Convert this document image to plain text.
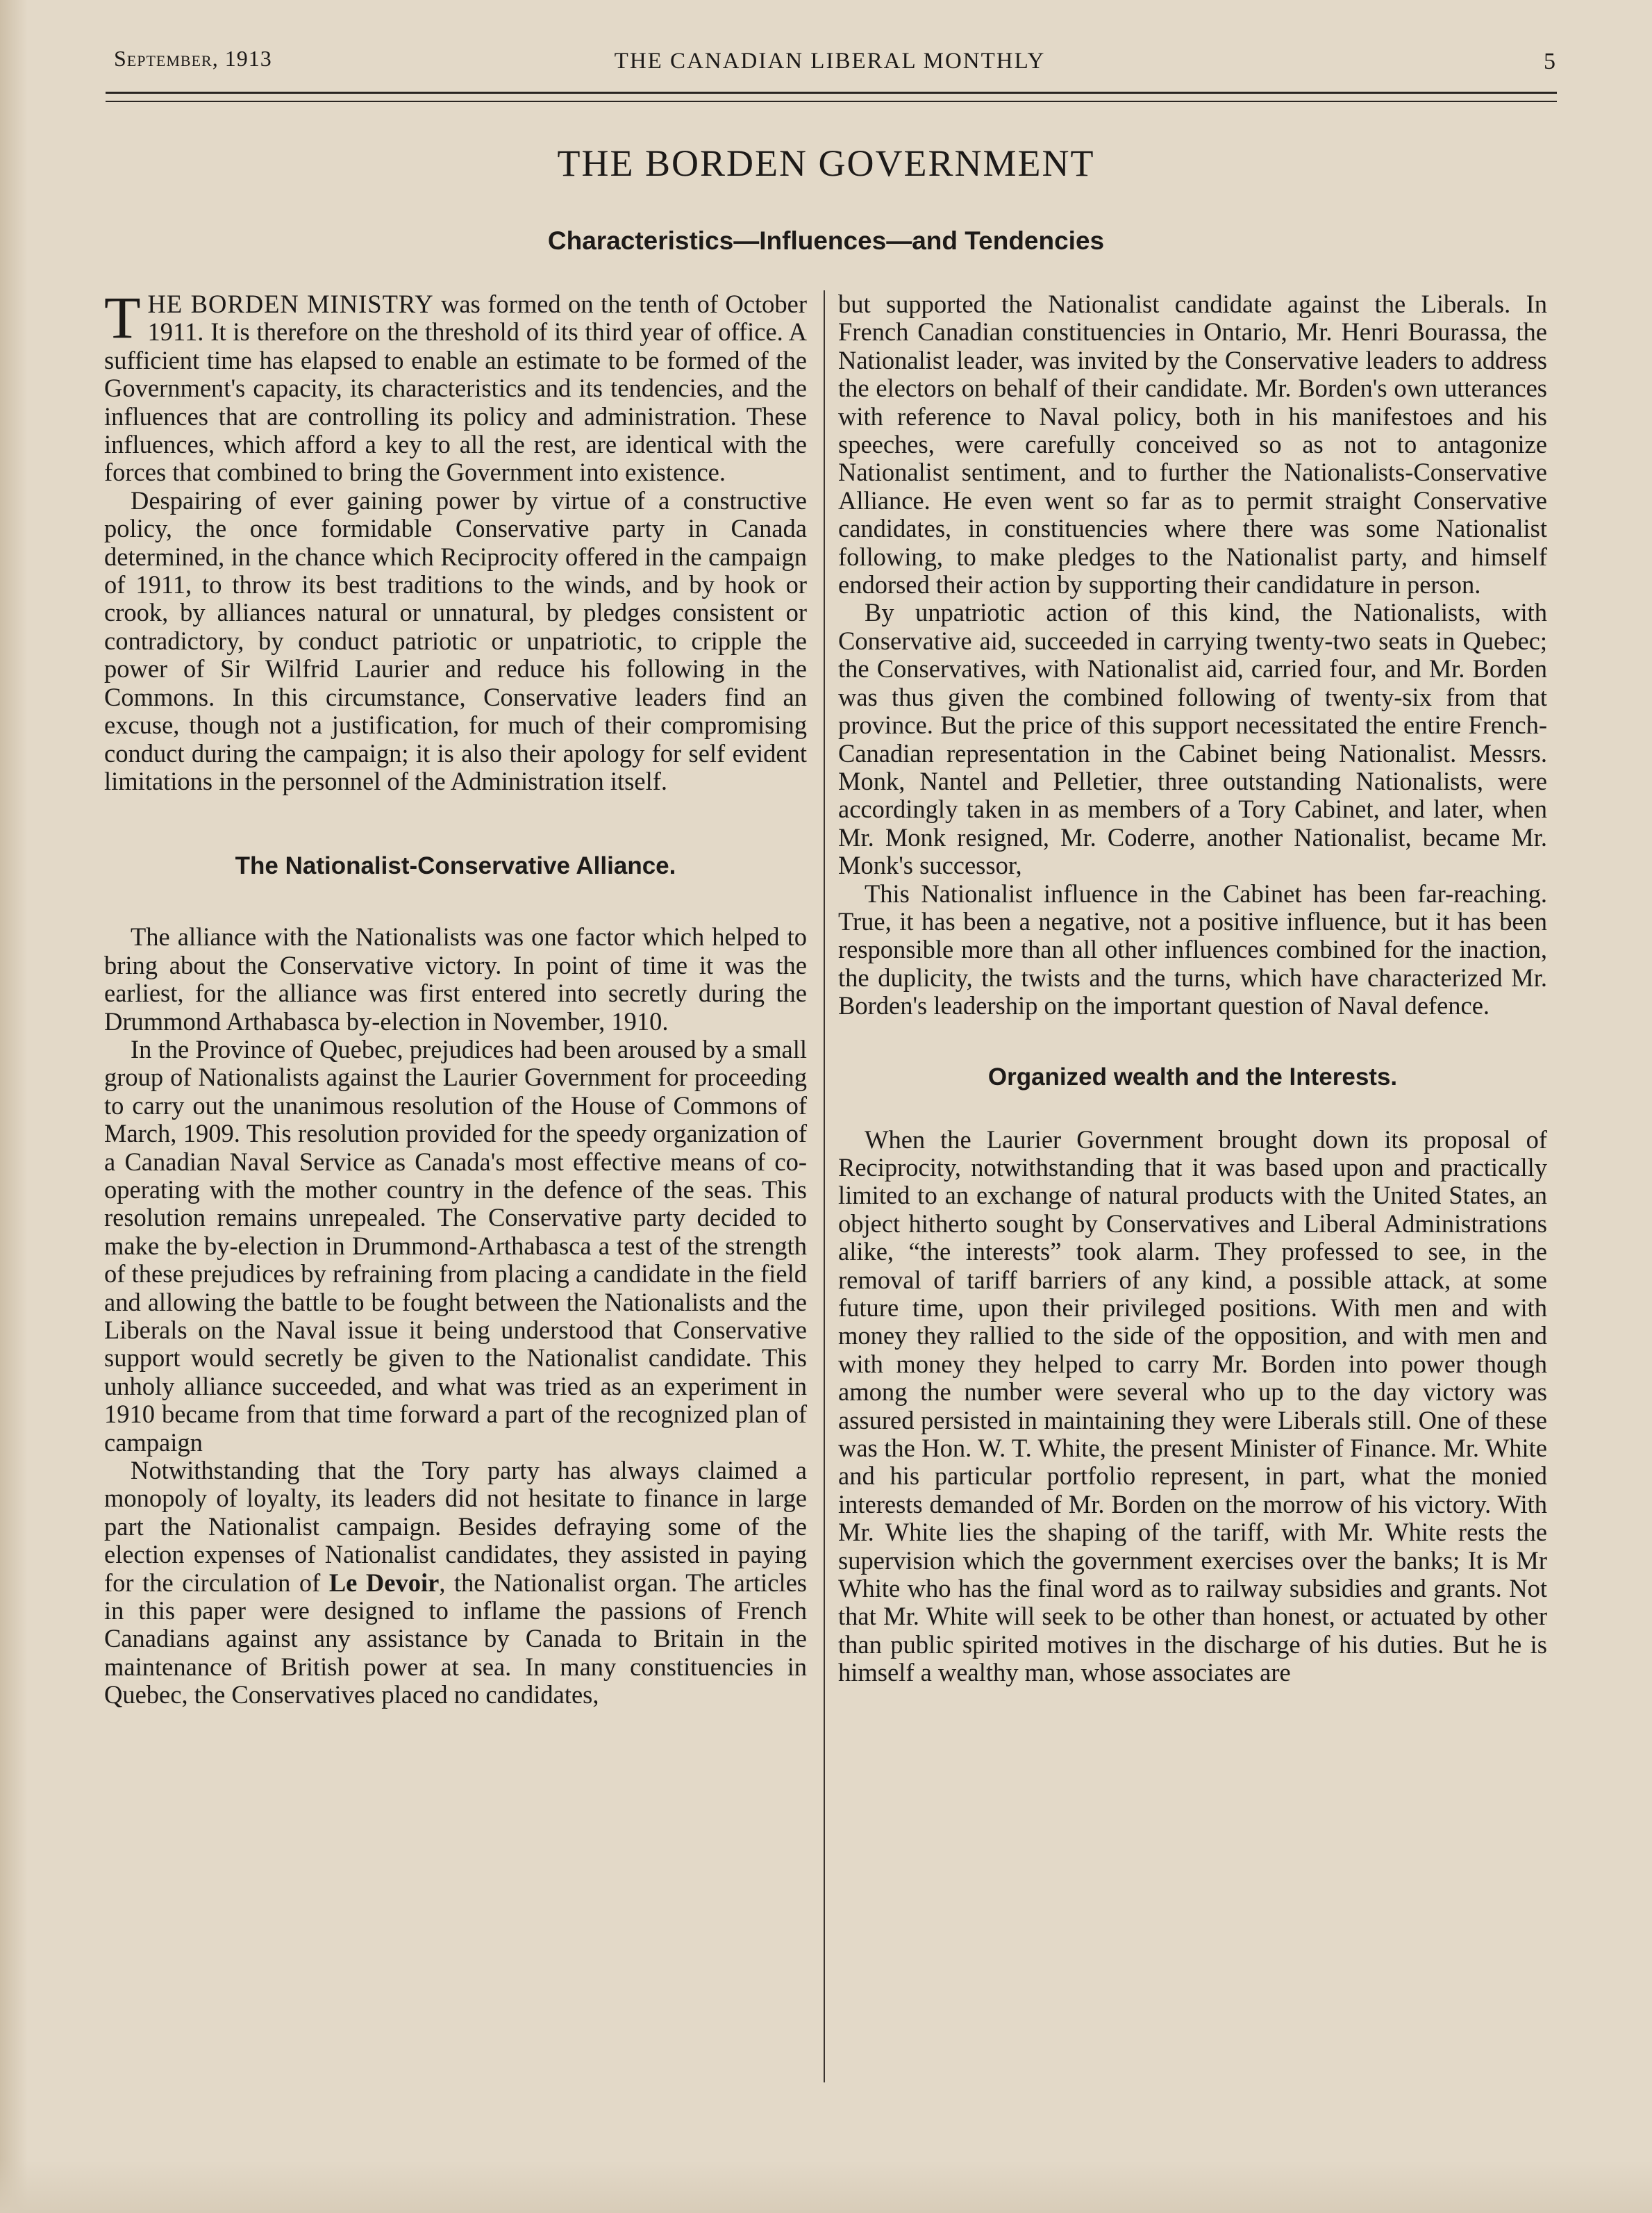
September, 1913	THE CANADIAN LIBERAL MONTHLY	5
THE BORDEN GOVERNMENT
Characteristics—Influences—and Tendencies

THE BORDEN MINISTRY was formed on the tenth of October 1911. It is therefore on the threshold of its third year of office. A sufficient time has elapsed to enable an estimate to be formed of the Government's capacity, its characteristics and its tendencies, and the influences that are controlling its policy and administration. These influences, which afford a key to all the rest, are identical with the forces that combined to bring the Government into existence.

Despairing of ever gaining power by virtue of a constructive policy, the once formidable Conservative party in Canada determined, in the chance which Reciprocity offered in the campaign of 1911, to throw its best traditions to the winds, and by hook or crook, by alliances natural or unnatural, by pledges consistent or contradictory, by conduct patriotic or unpatriotic, to cripple the power of Sir Wilfrid Laurier and reduce his following in the Commons. In this circumstance, Conservative leaders find an excuse, though not a justification, for much of their compromising conduct during the campaign; it is also their apology for self evident limitations in the personnel of the Administration itself.

The Nationalist-Conservative Alliance.

The alliance with the Nationalists was one factor which helped to bring about the Conservative victory. In point of time it was the earliest, for the alliance was first entered into secretly during the Drummond Arthabasca by-election in November, 1910.

In the Province of Quebec, prejudices had been aroused by a small group of Nationalists against the Laurier Government for proceeding to carry out the unanimous resolution of the House of Commons of March, 1909. This resolution provided for the speedy organization of a Canadian Naval Service as Canada's most effective means of co-operating with the mother country in the defence of the seas. This resolution remains unrepealed. The Conservative party decided to make the by-election in Drummond-Arthabasca a test of the strength of these prejudices by refraining from placing a candidate in the field and allowing the battle to be fought between the Nationalists and the Liberals on the Naval issue it being understood that Conservative support would secretly be given to the Nationalist candidate. This unholy alliance succeeded, and what was tried as an experiment in 1910 became from that time forward a part of the recognized plan of campaign

Notwithstanding that the Tory party has always claimed a monopoly of loyalty, its leaders did not hesitate to finance in large part the Nationalist campaign. Besides defraying some of the election expenses of Nationalist candidates, they assisted in paying for the circulation of Le Devoir, the Nationalist organ. The articles in this paper were designed to inflame the passions of French Canadians against any assistance by Canada to Britain in the maintenance of British power at sea. In many constituencies in Quebec, the Conservatives placed no candidates,

but supported the Nationalist candidate against the Liberals. In French Canadian constituencies in Ontario, Mr. Henri Bourassa, the Nationalist leader, was invited by the Conservative leaders to address the electors on behalf of their candidate. Mr. Borden's own utterances with reference to Naval policy, both in his manifestoes and his speeches, were carefully conceived so as not to antagonize Nationalist sentiment, and to further the Nationalists-Conservative Alliance. He even went so far as to permit straight Conservative candidates, in constituencies where there was some Nationalist following, to make pledges to the Nationalist party, and himself endorsed their action by supporting their candidature in person.

By unpatriotic action of this kind, the Nationalists, with Conservative aid, succeeded in carrying twenty-two seats in Quebec; the Conservatives, with Nationalist aid, carried four, and Mr. Borden was thus given the combined following of twenty-six from that province. But the price of this support necessitated the entire French-Canadian representation in the Cabinet being Nationalist. Messrs. Monk, Nantel and Pelletier, three outstanding Nationalists, were accordingly taken in as members of a Tory Cabinet, and later, when Mr. Monk resigned, Mr. Coderre, another Nationalist, became Mr. Monk's successor,

This Nationalist influence in the Cabinet has been far-reaching. True, it has been a negative, not a positive influence, but it has been responsible more than all other influences combined for the inaction, the duplicity, the twists and the turns, which have characterized Mr. Borden's leadership on the important question of Naval defence.

Organized wealth and the Interests.

When the Laurier Government brought down its proposal of Reciprocity, notwithstanding that it was based upon and practically limited to an exchange of natural products with the United States, an object hitherto sought by Conservatives and Liberal Administrations alike, “the interests” took alarm. They professed to see, in the removal of tariff barriers of any kind, a possible attack, at some future time, upon their privileged positions. With men and with money they rallied to the side of the opposition, and with men and with money they helped to carry Mr. Borden into power though among the number were several who up to the day victory was assured persisted in maintaining they were Liberals still. One of these was the Hon. W. T. White, the present Minister of Finance. Mr. White and his particular portfolio represent, in part, what the monied interests demanded of Mr. Borden on the morrow of his victory. With Mr. White lies the shaping of the tariff, with Mr. White rests the supervision which the government exercises over the banks; It is Mr White who has the final word as to railway subsidies and grants. Not that Mr. White will seek to be other than honest, or actuated by other than public spirited motives in the discharge of his duties. But he is himself a wealthy man, whose associates are
